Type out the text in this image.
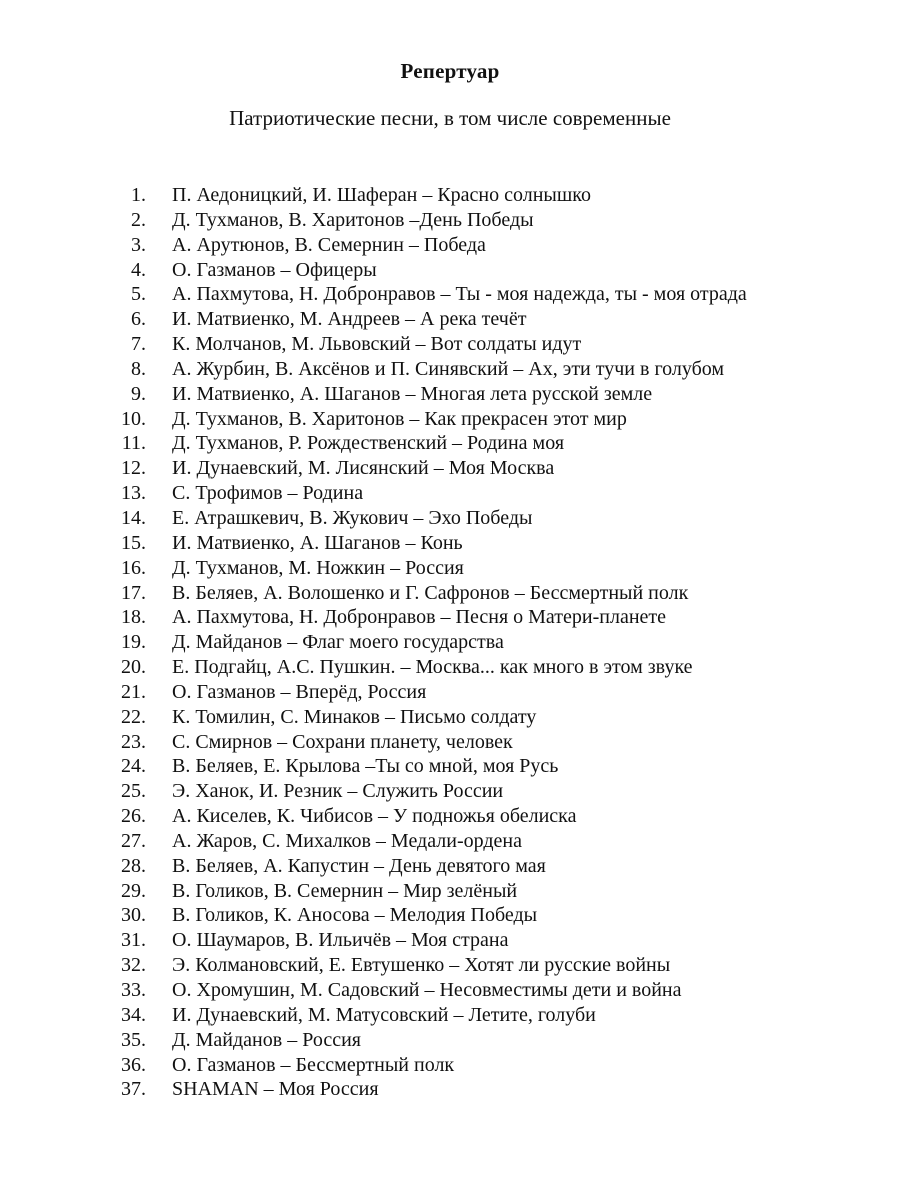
Репертуар

Патриотические песни, в том числе современные

1. П. Аедоницкий, И. Шаферан – Красно солнышко
2. Д. Тухманов, В. Харитонов –День Победы
3. А. Арутюнов, В. Семернин – Победа
4. О. Газманов – Офицеры
5. А. Пахмутова, Н. Добронравов – Ты - моя надежда, ты - моя отрада
6. И. Матвиенко, М. Андреев – А река течёт
7. К. Молчанов, М. Львовский – Вот солдаты идут
8. А. Журбин, В. Аксёнов и П. Синявский – Ах, эти тучи в голубом
9. И. Матвиенко, А. Шаганов – Многая лета русской земле
10. Д. Тухманов, В. Харитонов – Как прекрасен этот мир
11. Д. Тухманов, Р. Рождественский – Родина моя
12. И. Дунаевский, М. Лисянский – Моя Москва
13. С. Трофимов – Родина
14. Е. Атрашкевич, В. Жукович – Эхо Победы
15. И. Матвиенко, А. Шаганов – Конь
16. Д. Тухманов, М. Ножкин – Россия
17. В. Беляев, А. Волошенко и Г. Сафронов – Бессмертный полк
18. А. Пахмутова, Н. Добронравов – Песня о Матери-планете
19. Д. Майданов – Флаг моего государства
20. Е. Подгайц, А.С. Пушкин. – Москва... как много в этом звуке
21. О. Газманов – Вперёд, Россия
22. К. Томилин, С. Минаков – Письмо солдату
23. С. Смирнов – Сохрани планету, человек
24. В. Беляев, Е. Крылова –Ты со мной, моя Русь
25. Э. Ханок, И. Резник – Служить России
26. А. Киселев, К. Чибисов – У подножья обелиска
27. А. Жаров, С. Михалков – Медали-ордена
28. В. Беляев, А. Капустин – День девятого мая
29. В. Голиков, В. Семернин – Мир зелёный
30. В. Голиков, К. Аносова – Мелодия Победы
31. О. Шаумаров, В. Ильичёв – Моя страна
32. Э. Колмановский, Е. Евтушенко – Хотят ли русские войны
33. О. Хромушин, М. Садовский – Несовместимы дети и война
34. И. Дунаевский, М. Матусовский – Летите, голуби
35. Д. Майданов – Россия
36. О. Газманов – Бессмертный полк
37. SHAMAN – Моя Россия
